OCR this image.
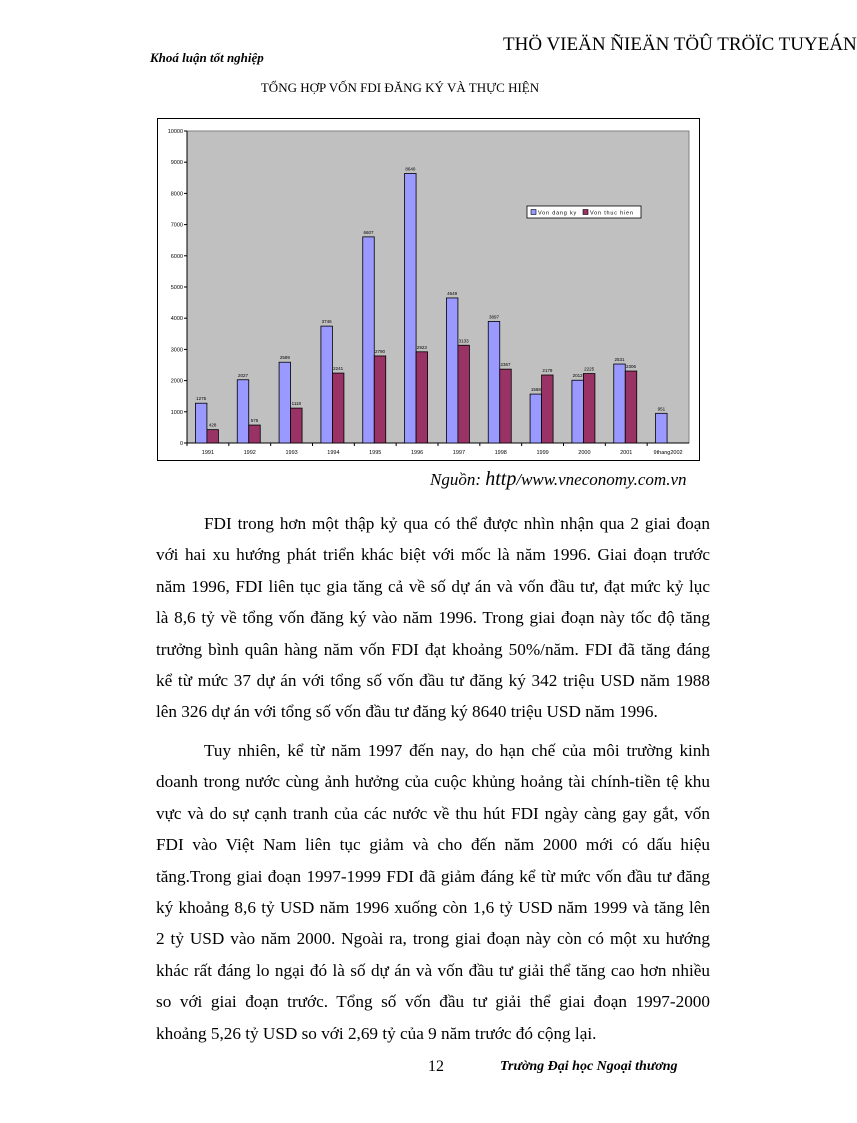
Khoá luận tốt nghiệp
THÖ VIEÄN ÑIEÄN TÖÛ TRÖÏC TUYEÁN
TỔNG HỢP VỐN FDI ĐĂNG KÝ VÀ THỰC HIỆN
0
1000
2000
3000
4000
5000
6000
7000
8000
9000
10000
1991	1992	1993	1994	1995	1996	1997	1998	1999	2000	2001	9thang2002
1275
428
2027
575
2589
1118
3746
2241
6607
2790
8640
2923
4649
3133
3897
2367
1568
2179
2012
2225
2531
2306
951
Von dang ky Von thuc hien
Nguồn: http/www.vneconomy.com.vn
FDI trong hơn một thập kỷ qua có thể được nhìn nhận qua 2 giai đoạn
với hai xu hướng phát triển khác biệt với mốc là năm 1996. Giai đoạn trước
năm 1996, FDI liên tục gia tăng cả về số dự án và vốn đầu tư, đạt mức kỷ lục
là 8,6 tỷ về tổng vốn đăng ký vào năm 1996. Trong giai đoạn này tốc độ tăng
trưởng bình quân hàng năm vốn FDI đạt khoảng 50%/năm. FDI đã tăng đáng
kể từ mức 37 dự án với tổng số vốn đầu tư đăng ký 342 triệu USD năm 1988
lên 326 dự án với tổng số vốn đầu tư đăng ký 8640 triệu USD năm 1996.
Tuy nhiên, kể từ năm 1997 đến nay, do hạn chế của môi trường kinh
doanh trong nước cùng ảnh hưởng của cuộc khủng hoảng tài chính-tiền tệ khu
vực và do sự cạnh tranh của các nước về thu hút FDI ngày càng gay gắt, vốn
FDI vào Việt Nam liên tục giảm và cho đến năm 2000 mới có dấu hiệu
tăng.Trong giai đoạn 1997-1999 FDI đã giảm đáng kể từ mức vốn đầu tư đăng
ký khoảng 8,6 tỷ USD năm 1996 xuống còn 1,6 tỷ USD năm 1999 và tăng lên
2 tỷ USD vào năm 2000. Ngoài ra, trong giai đoạn này còn có một xu hướng
khác rất đáng lo ngại đó là số dự án và vốn đầu tư giải thể tăng cao hơn nhiều
so với giai đoạn trước. Tổng số vốn đầu tư giải thể giai đoạn 1997-2000
khoảng 5,26 tỷ USD so với 2,69 tỷ của 9 năm trước đó cộng lại.
12	Trường Đại học Ngoại thương
